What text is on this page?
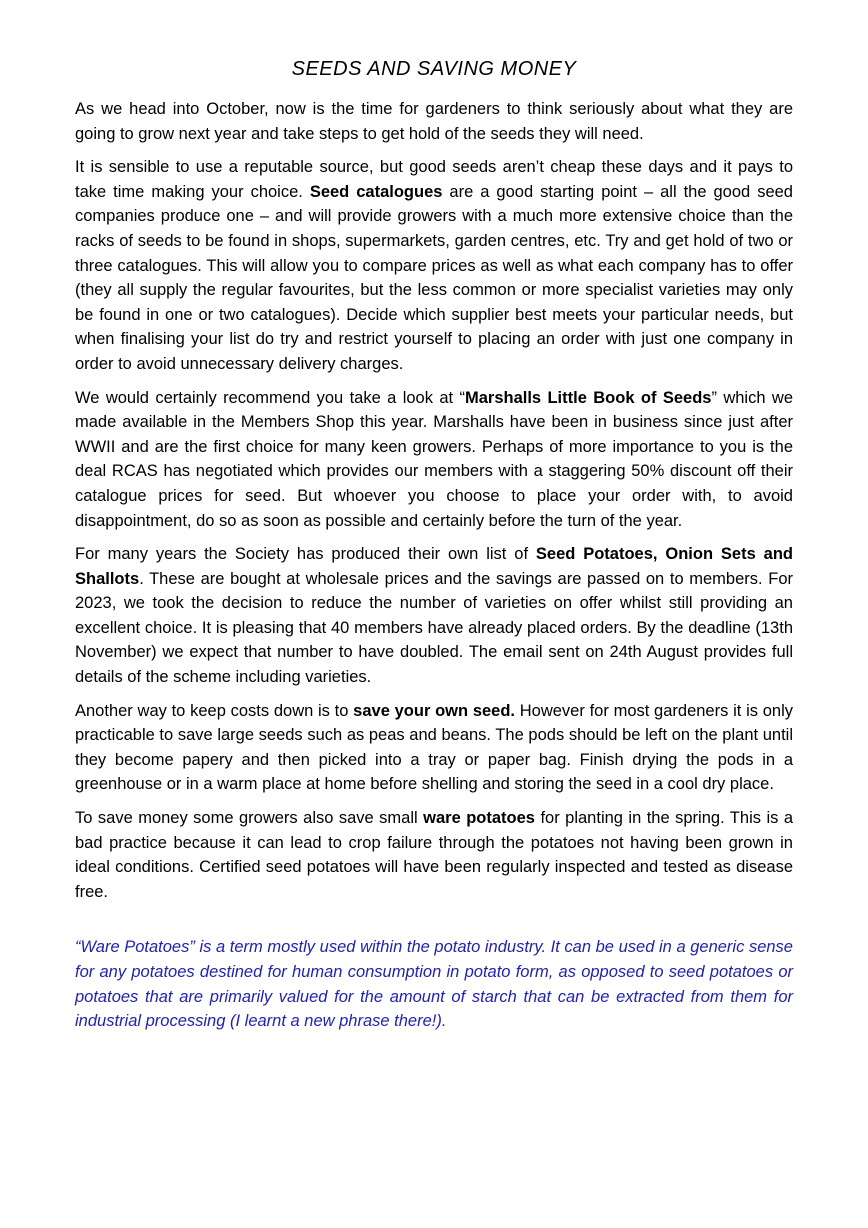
SEEDS AND SAVING MONEY

As we head into October, now is the time for gardeners to think seriously about what they are going to grow next year and take steps to get hold of the seeds they will need.

It is sensible to use a reputable source, but good seeds aren’t cheap these days and it pays to take time making your choice. Seed catalogues are a good starting point – all the good seed companies produce one – and will provide growers with a much more extensive choice than the racks of seeds to be found in shops, supermarkets, garden centres, etc. Try and get hold of two or three catalogues. This will allow you to compare prices as well as what each company has to offer (they all supply the regular favourites, but the less common or more specialist varieties may only be found in one or two catalogues). Decide which supplier best meets your particular needs, but when finalising your list do try and restrict yourself to placing an order with just one company in order to avoid unnecessary delivery charges.

We would certainly recommend you take a look at “Marshalls Little Book of Seeds” which we made available in the Members Shop this year. Marshalls have been in business since just after WWII and are the first choice for many keen growers. Perhaps of more importance to you is the deal RCAS has negotiated which provides our members with a staggering 50% discount off their catalogue prices for seed. But whoever you choose to place your order with, to avoid disappointment, do so as soon as possible and certainly before the turn of the year.

For many years the Society has produced their own list of Seed Potatoes, Onion Sets and Shallots. These are bought at wholesale prices and the savings are passed on to members. For 2023, we took the decision to reduce the number of varieties on offer whilst still providing an excellent choice. It is pleasing that 40 members have already placed orders. By the deadline (13th November) we expect that number to have doubled. The email sent on 24th August provides full details of the scheme including varieties.

Another way to keep costs down is to save your own seed. However for most gardeners it is only practicable to save large seeds such as peas and beans. The pods should be left on the plant until they become papery and then picked into a tray or paper bag. Finish drying the pods in a greenhouse or in a warm place at home before shelling and storing the seed in a cool dry place.

To save money some growers also save small ware potatoes for planting in the spring. This is a bad practice because it can lead to crop failure through the potatoes not having been grown in ideal conditions. Certified seed potatoes will have been regularly inspected and tested as disease free.

“Ware Potatoes” is a term mostly used within the potato industry. It can be used in a generic sense for any potatoes destined for human consumption in potato form, as opposed to seed potatoes or potatoes that are primarily valued for the amount of starch that can be extracted from them for industrial processing (I learnt a new phrase there!).
